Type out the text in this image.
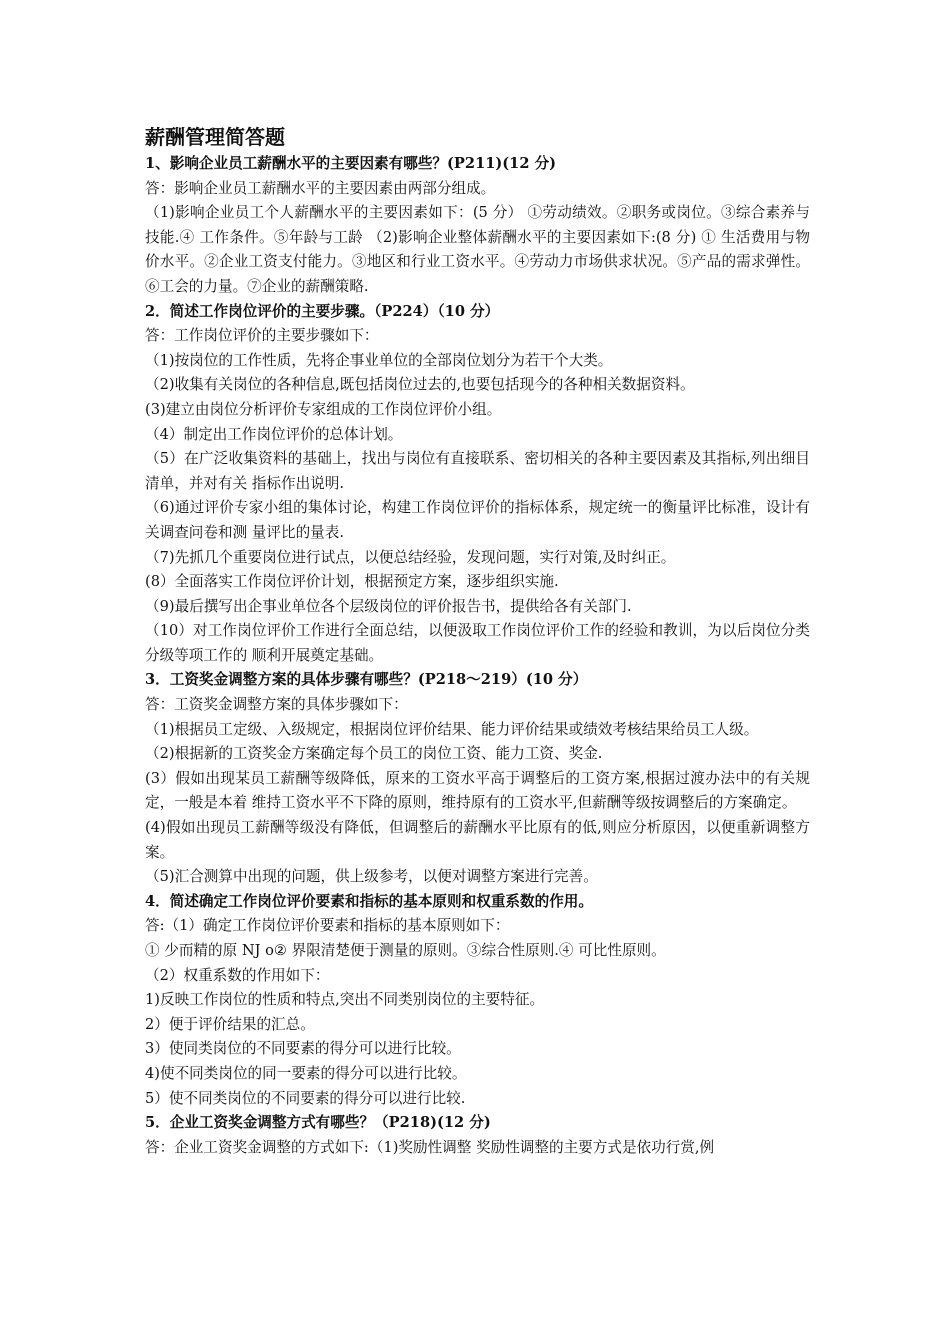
薪酬管理简答题

1、影响企业员工薪酬水平的主要因素有哪些？(P211)(12 分)

答：影响企业员工薪酬水平的主要因素由两部分组成。

（1)影响企业员工个人薪酬水平的主要因素如下：(5 分） ①劳动绩效。②职务或岗位。③综合素养与技能.④ 工作条件。⑤年龄与工龄 （2)影响企业整体薪酬水平的主要因素如下:(8 分) ① 生活费用与物价水平。②企业工资支付能力。③地区和行业工资水平。④劳动力市场供求状况。⑤产品的需求弹性。 ⑥工会的力量。⑦企业的薪酬策略.

2．简述工作岗位评价的主要步骤。（P224）（10 分）

答：工作岗位评价的主要步骤如下：

（1)按岗位的工作性质，先将企事业单位的全部岗位划分为若干个大类。

（2)收集有关岗位的各种信息,既包括岗位过去的,也要包括现今的各种相关数据资料。

(3)建立由岗位分析评价专家组成的工作岗位评价小组。

（4）制定出工作岗位评价的总体计划。

（5）在广泛收集资料的基础上，找出与岗位有直接联系、密切相关的各种主要因素及其指标,列出细目清单，并对有关 指标作出说明.

（6)通过评价专家小组的集体讨论，构建工作岗位评价的指标体系，规定统一的衡量评比标准，设计有关调查问卷和测 量评比的量表.

（7)先抓几个重要岗位进行试点，以便总结经验，发现问题，实行对策,及时纠正。

(8）全面落实工作岗位评价计划，根据预定方案，逐步组织实施.

（9)最后撰写出企事业单位各个层级岗位的评价报告书，提供给各有关部门.

（10）对工作岗位评价工作进行全面总结，以便汲取工作岗位评价工作的经验和教训，为以后岗位分类分级等项工作的 顺利开展奠定基础。

3．工资奖金调整方案的具体步骤有哪些？(P218～219）(10 分）

答：工资奖金调整方案的具体步骤如下：

（1)根据员工定级、入级规定，根据岗位评价结果、能力评价结果或绩效考核结果给员工人级。

（2)根据新的工资奖金方案确定每个员工的岗位工资、能力工资、奖金.

(3）假如出现某员工薪酬等级降低，原来的工资水平高于调整后的工资方案,根据过渡办法中的有关规定，一般是本着 维持工资水平不下降的原则，维持原有的工资水平,但薪酬等级按调整后的方案确定。

(4)假如出现员工薪酬等级没有降低，但调整后的薪酬水平比原有的低,则应分析原因，以便重新调整方案。

（5)汇合测算中出现的问题，供上级参考，以便对调整方案进行完善。

4．简述确定工作岗位评价要素和指标的基本原则和权重系数的作用。

答:（1）确定工作岗位评价要素和指标的基本原则如下：

① 少而精的原 NJ o② 界限清楚便于测量的原则。③综合性原则.④ 可比性原则。

（2）权重系数的作用如下：

1)反映工作岗位的性质和特点,突出不同类别岗位的主要特征。

2）便于评价结果的汇总。

3）使同类岗位的不同要素的得分可以进行比较。

4)使不同类岗位的同一要素的得分可以进行比较。

5）使不同类岗位的不同要素的得分可以进行比较.

5．企业工资奖金调整方式有哪些？（P218)(12 分)

答：企业工资奖金调整的方式如下:（1)奖励性调整 奖励性调整的主要方式是依功行赏,例
